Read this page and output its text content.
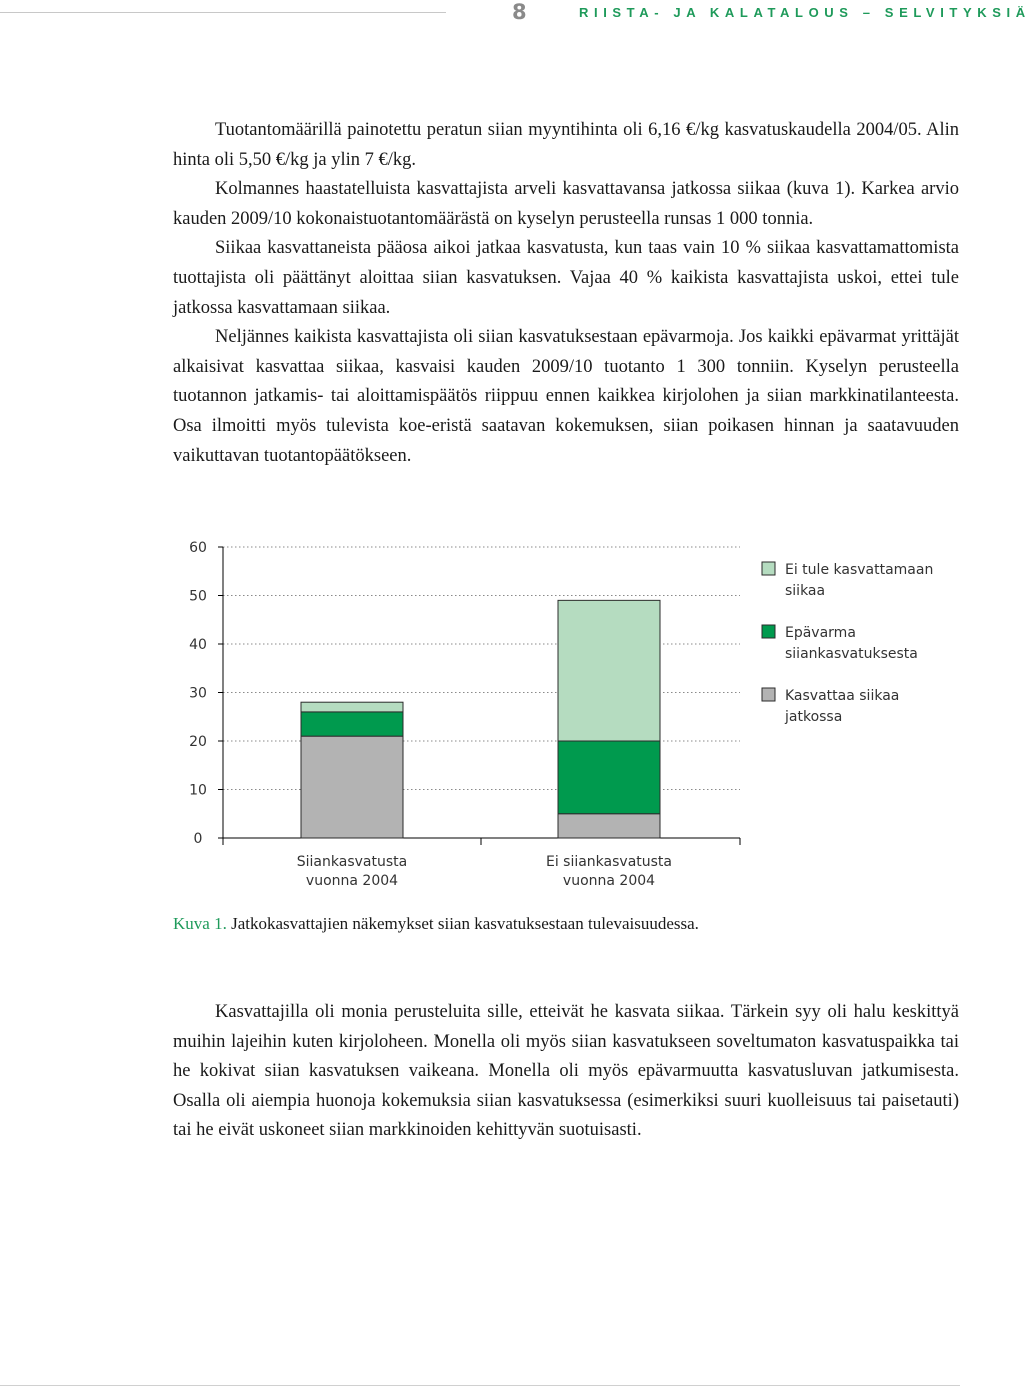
8	RIISTA- JA KALATALOUS – SELVITYKSIÄ

Tuotantomäärillä painotettu peratun siian myyntihinta oli 6,16 €/kg kasvatuskaudella 2004/05. Alin hinta oli 5,50 €/kg ja ylin 7 €/kg.

Kolmannes haastatelluista kasvattajista arveli kasvattavansa jatkossa siikaa (kuva 1). Karkea arvio kauden 2009/10 kokonaistuotantomäärästä on kyselyn perusteella runsas 1 000 tonnia.

Siikaa kasvattaneista pääosa aikoi jatkaa kasvatusta, kun taas vain 10 % siikaa kasvattamattomista tuottajista oli päättänyt aloittaa siian kasvatuksen. Vajaa 40 % kaikista kasvattajista uskoi, ettei tule jatkossa kasvattamaan siikaa.

Neljännes kaikista kasvattajista oli siian kasvatuksestaan epävarmoja. Jos kaikki epävarmat yrittäjät alkaisivat kasvattaa siikaa, kasvaisi kauden 2009/10 tuotanto 1 300 tonniin. Kyselyn perusteella tuotannon jatkamis- tai aloittamispäätös riippuu ennen kaikkea kirjolohen ja siian markkinatilanteesta. Osa ilmoitti myös tulevista koe-eristä saatavan kokemuksen, siian poikasen hinnan ja saatavuuden vaikuttavan tuotantopäätökseen.

0
10
20
30
40
50
60
Siiankasvatusta
vuonna 2004
Ei siiankasvatusta
vuonna 2004
Ei tule kasvattamaan
siikaa
Epävarma
siiankasvatuksesta
Kasvattaa siikaa
jatkossa
Kuva 1. Jatkokasvattajien näkemykset siian kasvatuksestaan tulevaisuudessa.

Kasvattajilla oli monia perusteluita sille, etteivät he kasvata siikaa. Tärkein syy oli halu keskittyä muihin lajeihin kuten kirjoloheen. Monella oli myös siian kasvatukseen soveltumaton kasvatuspaikka tai he kokivat siian kasvatuksen vaikeana. Monella oli myös epävarmuutta kasvatusluvan jatkumisesta. Osalla oli aiempia huonoja kokemuksia siian kasvatuksessa (esimerkiksi suuri kuolleisuus tai paisetauti) tai he eivät uskoneet siian markkinoiden kehittyvän suotuisasti.
